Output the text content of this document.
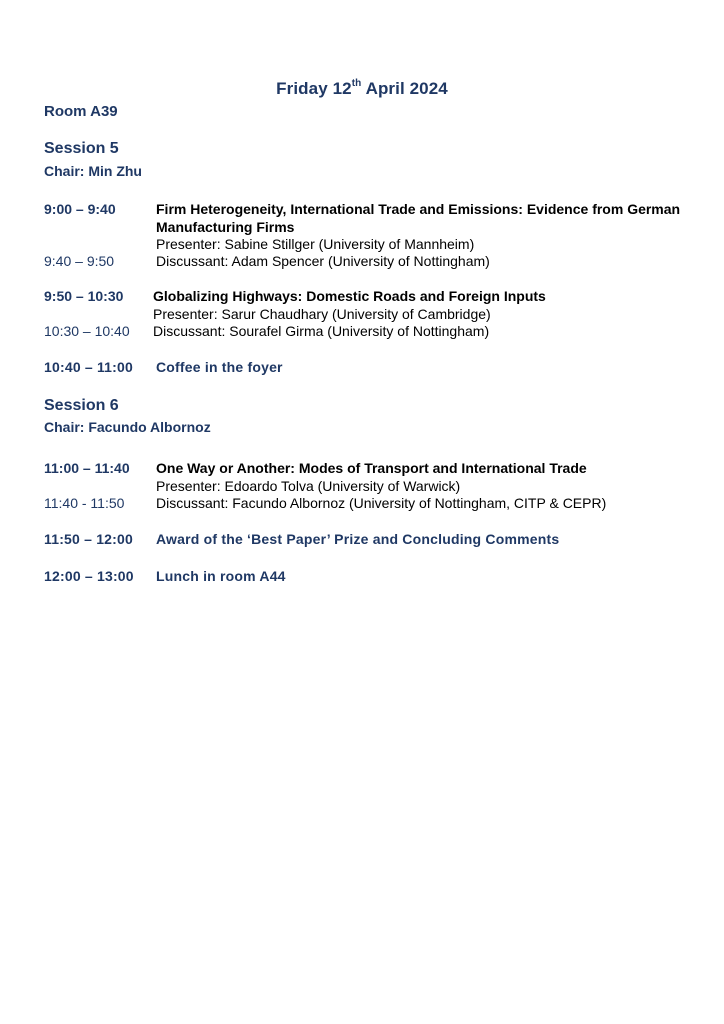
Friday 12th April 2024
Room A39
Session 5
Chair: Min Zhu
9:00 – 9:40	Firm Heterogeneity, International Trade and Emissions: Evidence from German
Manufacturing Firms
Presenter: Sabine Stillger (University of Mannheim)
9:40 – 9:50	Discussant: Adam Spencer (University of Nottingham)
9:50 – 10:30 Globalizing Highways: Domestic Roads and Foreign Inputs
Presenter: Sarur Chaudhary (University of Cambridge)
10:30 – 10:40 Discussant: Sourafel Girma (University of Nottingham)
10:40 – 11:00 Coffee in the foyer
Session 6
Chair: Facundo Albornoz
11:00 – 11:40 One Way or Another: Modes of Transport and International Trade
Presenter: Edoardo Tolva (University of Warwick)
11:40 - 11:50 Discussant: Facundo Albornoz (University of Nottingham, CITP & CEPR)
11:50 – 12:00 Award of the ‘Best Paper’ Prize and Concluding Comments
12:00 – 13:00 Lunch in room A44
